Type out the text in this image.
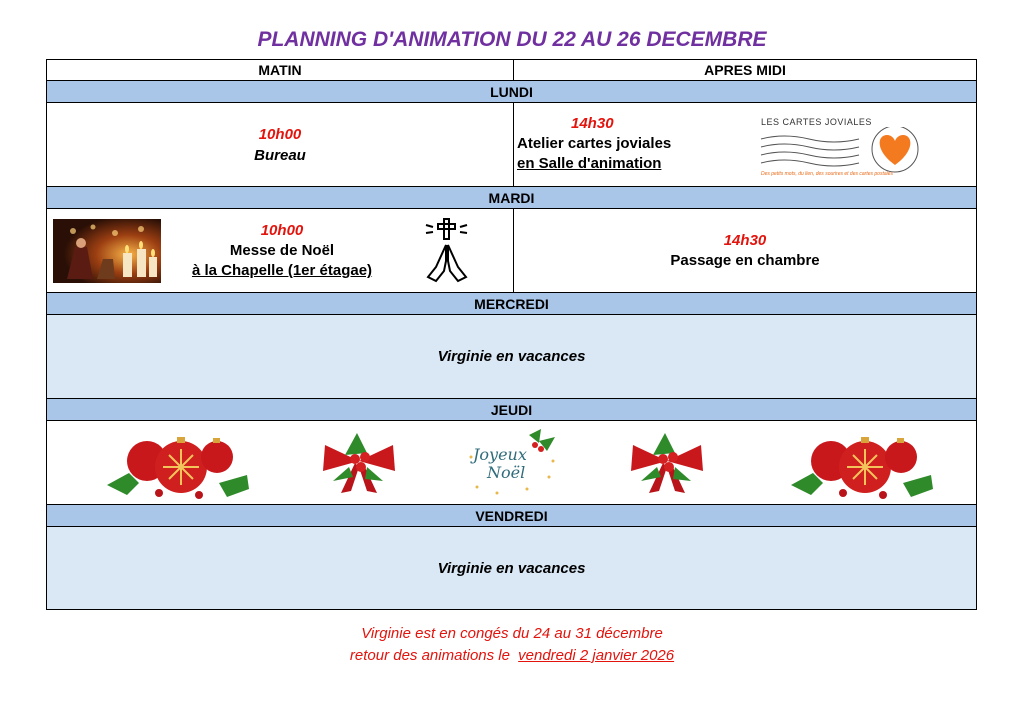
PLANNING D'ANIMATION DU 22 AU 26 DECEMBRE
MATIN	APRES MIDI
LUNDI
10h00
Bureau
14h30
Atelier cartes joviales
en Salle d'animation
LES CARTES JOVIALES
Des petits mots, du lien, des sourires et des cartes postales
MARDI
10h00
Messe de Noël
à la Chapelle (1er étagae)
14h30
Passage en chambre
MERCREDI
Virginie en vacances
JEUDI
Joyeux
Noël
VENDREDI
Virginie en vacances
Virginie est en congés du 24 au 31 décembre
retour des animations le vendredi 2 janvier 2026
